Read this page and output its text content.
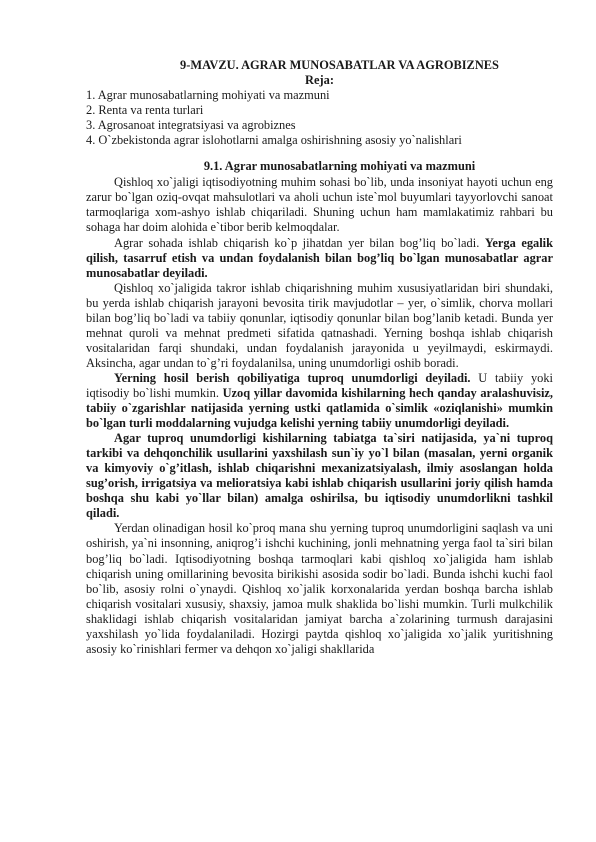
9-MAVZU. AGRAR MUNOSABATLAR VA AGROBIZNES
Reja:
1. Agrar munosabatlarning mohiyati va mazmuni
2. Renta va renta turlari
3. Agrosanoat integratsiyasi va agrobiznes
4. O`zbekistonda agrar islohotlarni amalga oshirishning asosiy yo`nalishlari
9.1. Agrar munosabatlarning mohiyati va mazmuni

Qishloq xo`jaligi iqtisodiyotning muhim sohasi bo`lib, unda insoniyat hayoti uchun eng zarur bo`lgan oziq-ovqat mahsulotlari va aholi uchun iste`mol buyumlari tayyorlovchi sanoat tarmoqlariga xom-ashyo ishlab chiqariladi. Shuning uchun ham mamlakatimiz rahbari bu sohaga har doim alohida e`tibor berib kelmoqdalar.

Agrar sohada ishlab chiqarish ko`p jihatdan yer bilan bog’liq bo`ladi. Yerga egalik qilish, tasarruf etish va undan foydalanish bilan bog’liq bo`lgan munosabatlar agrar munosabatlar deyiladi.

Qishloq xo`jaligida takror ishlab chiqarishning muhim xususiyatlaridan biri shundaki, bu yerda ishlab chiqarish jarayoni bevosita tirik mavjudotlar – yer, o`simlik, chorva mollari bilan bog’liq bo`ladi va tabiiy qonunlar, iqtisodiy qonunlar bilan bog’lanib ketadi. Bunda yer mehnat quroli va mehnat predmeti sifatida qatnashadi. Yerning boshqa ishlab chiqarish vositalaridan farqi shundaki, undan foydalanish jarayonida u yeyilmaydi, eskirmaydi. Aksincha, agar undan to`g’ri foydalanilsa, uning unumdorligi oshib boradi.

Yerning hosil berish qobiliyatiga tuproq unumdorligi deyiladi. U tabiiy yoki iqtisodiy bo`lishi mumkin. Uzoq yillar davomida kishilarning hech qanday aralashuvisiz, tabiiy o`zgarishlar natijasida yerning ustki qatlamida o`simlik «oziqlanishi» mumkin bo`lgan turli moddalarning vujudga kelishi yerning tabiiy unumdorligi deyiladi.

Agar tuproq unumdorligi kishilarning tabiatga ta`siri natijasida, ya`ni tuproq tarkibi va dehqonchilik usullarini yaxshilash sun`iy yo`l bilan (masalan, yerni organik va kimyoviy o`g’itlash, ishlab chiqarishni mexanizatsiyalash, ilmiy asoslangan holda sug’orish, irrigatsiya va melioratsiya kabi ishlab chiqarish usullarini joriy qilish hamda boshqa shu kabi yo`llar bilan) amalga oshirilsa, bu iqtisodiy unumdorlikni tashkil qiladi.

Yerdan olinadigan hosil ko`proq mana shu yerning tuproq unumdorligini saqlash va uni oshirish, ya`ni insonning, aniqrog’i ishchi kuchining, jonli mehnatning yerga faol ta`siri bilan bog’liq bo`ladi. Iqtisodiyotning boshqa tarmoqlari kabi qishloq xo`jaligida ham ishlab chiqarish uning omillarining bevosita birikishi asosida sodir bo`ladi. Bunda ishchi kuchi faol bo`lib, asosiy rolni o`ynaydi. Qishloq xo`jalik korxonalarida yerdan boshqa barcha ishlab chiqarish vositalari xususiy, shaxsiy, jamoa mulk shaklida bo`lishi mumkin. Turli mulkchilik shaklidagi ishlab chiqarish vositalaridan jamiyat barcha a`zolarining turmush darajasini yaxshilash yo`lida foydalaniladi. Hozirgi paytda qishloq xo`jaligida xo`jalik yuritishning asosiy ko`rinishlari fermer va dehqon xo`jaligi shakllarida
